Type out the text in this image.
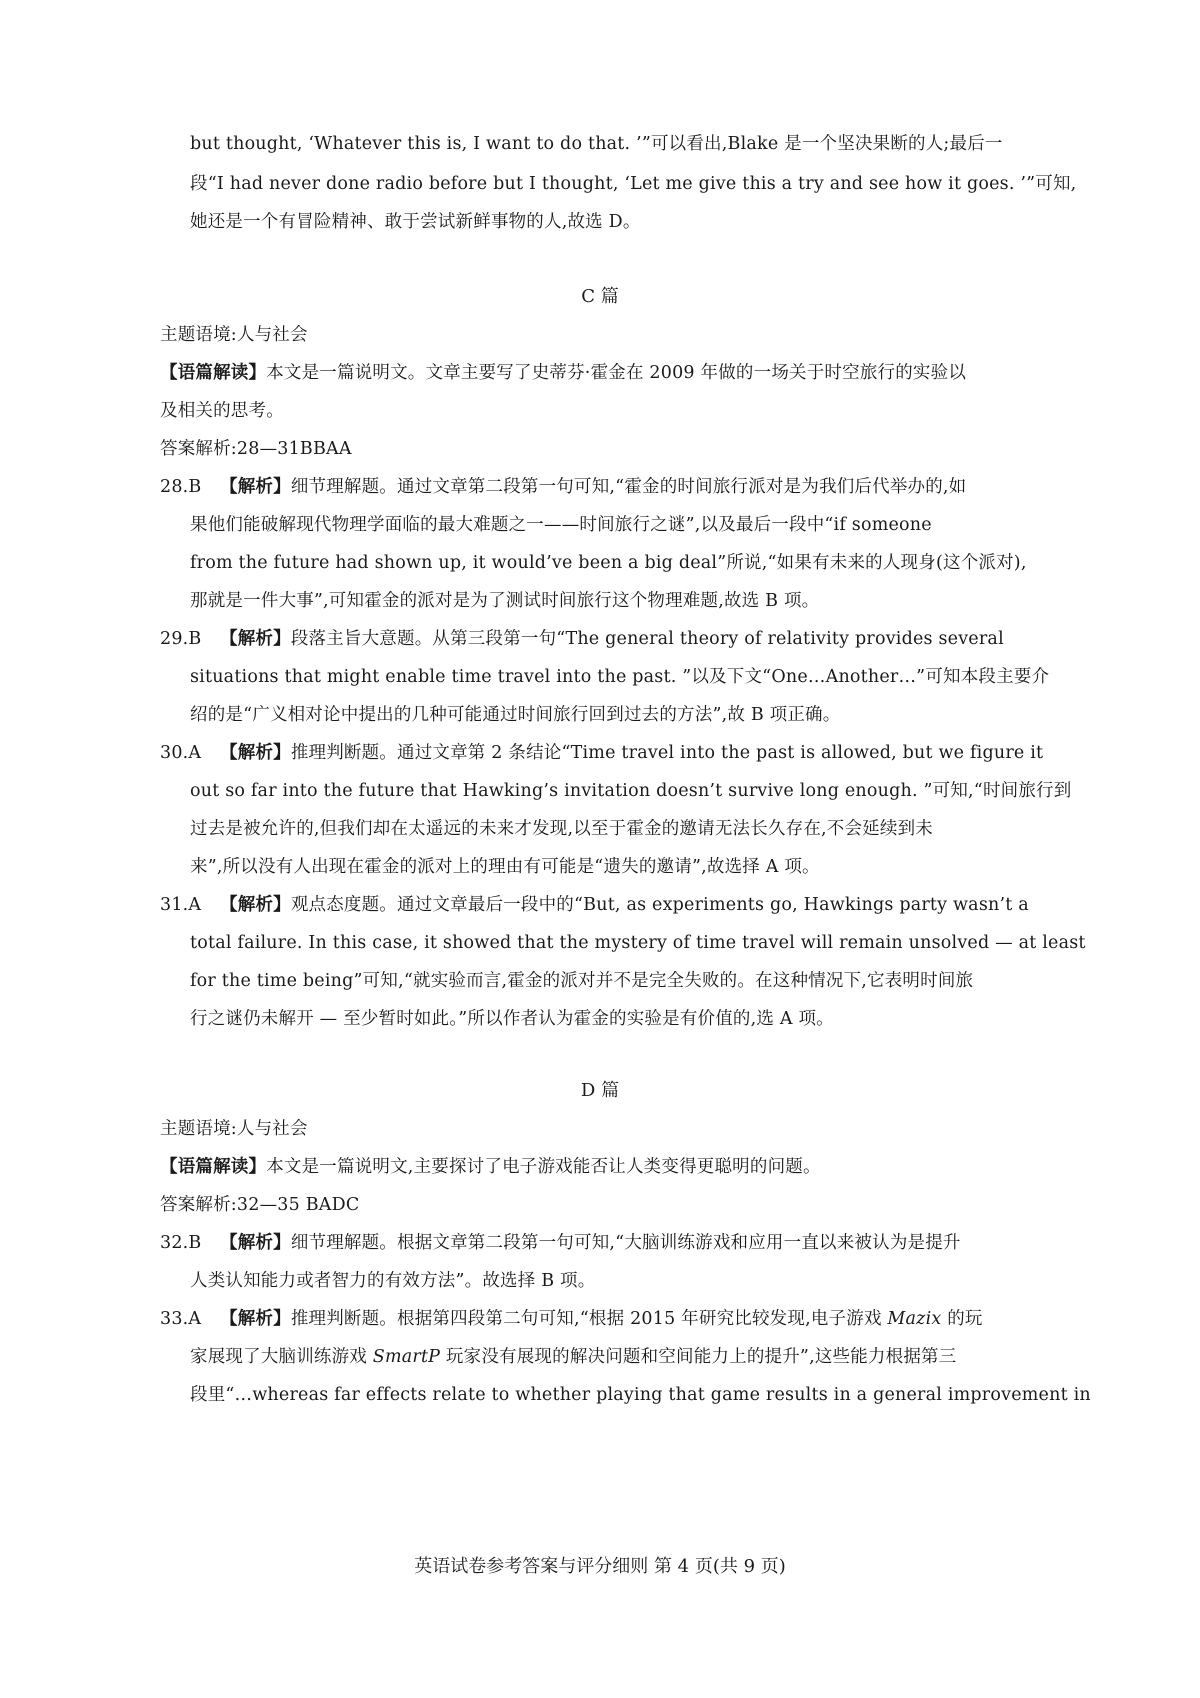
but thought, ‘Whatever this is, I want to do that. ’”可以看出,Blake 是一个坚决果断的人;最后一
段“I had never done radio before but I thought, ‘Let me give this a try and see how it goes. ’”可知,
她还是一个有冒险精神、敢于尝试新鲜事物的人,故选 D。
C 篇
主题语境:人与社会
【语篇解读】本文是一篇说明文。文章主要写了史蒂芬·霍金在 2009 年做的一场关于时空旅行的实验以
及相关的思考。
答案解析:28—31BBAA
28.B 【解析】细节理解题。通过文章第二段第一句可知,“霍金的时间旅行派对是为我们后代举办的,如
果他们能破解现代物理学面临的最大难题之一——时间旅行之谜”,以及最后一段中“if someone
from the future had shown up, it would’ve been a big deal”所说,“如果有未来的人现身(这个派对),
那就是一件大事”,可知霍金的派对是为了测试时间旅行这个物理难题,故选 B 项。
29.B 【解析】段落主旨大意题。从第三段第一句“The general theory of relativity provides several
situations that might enable time travel into the past. ”以及下文“One…Another…”可知本段主要介
绍的是“广义相对论中提出的几种可能通过时间旅行回到过去的方法”,故 B 项正确。
30.A 【解析】推理判断题。通过文章第 2 条结论“Time travel into the past is allowed, but we figure it
out so far into the future that Hawking’s invitation doesn’t survive long enough. ”可知,“时间旅行到
过去是被允许的,但我们却在太遥远的未来才发现,以至于霍金的邀请无法长久存在,不会延续到未
来”,所以没有人出现在霍金的派对上的理由有可能是“遗失的邀请”,故选择 A 项。
31.A 【解析】观点态度题。通过文章最后一段中的“But, as experiments go, Hawkings party wasn’t a
total failure. In this case, it showed that the mystery of time travel will remain unsolved — at least
for the time being”可知,“就实验而言,霍金的派对并不是完全失败的。在这种情况下,它表明时间旅
行之谜仍未解开 — 至少暂时如此。”所以作者认为霍金的实验是有价值的,选 A 项。
D 篇
主题语境:人与社会
【语篇解读】本文是一篇说明文,主要探讨了电子游戏能否让人类变得更聪明的问题。
答案解析:32—35 BADC
32.B 【解析】细节理解题。根据文章第二段第一句可知,“大脑训练游戏和应用一直以来被认为是提升
人类认知能力或者智力的有效方法”。故选择 B 项。
33.A 【解析】推理判断题。根据第四段第二句可知,“根据 2015 年研究比较发现,电子游戏 Mazix 的玩
家展现了大脑训练游戏 SmartP 玩家没有展现的解决问题和空间能力上的提升”,这些能力根据第三
段里“…whereas far effects relate to whether playing that game results in a general improvement in
英语试卷参考答案与评分细则 第 4 页(共 9 页)
